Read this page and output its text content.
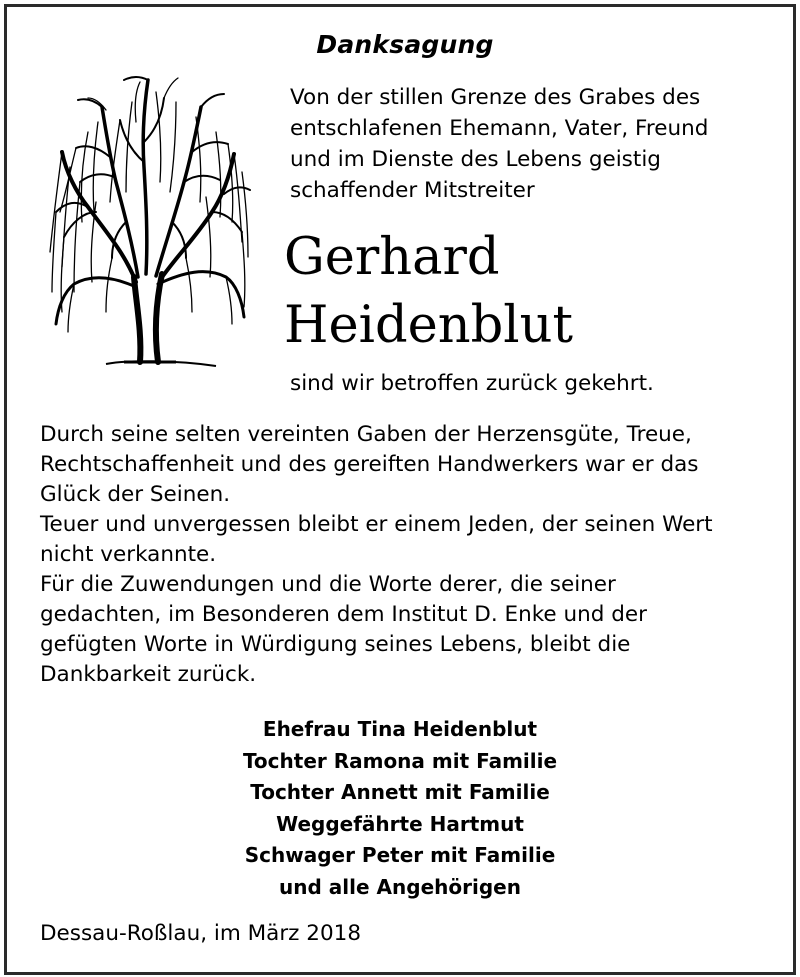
Danksagung
Von der stillen Grenze des Grabes des
entschlafenen Ehemann, Vater, Freund
und im Dienste des Lebens geistig
schaffender Mitstreiter
Gerhard
Heidenblut
sind wir betroffen zurück gekehrt.
Durch seine selten vereinten Gaben der Herzensgüte, Treue,
Rechtschaffenheit und des gereiften Handwerkers war er das
Glück der Seinen.
Teuer und unvergessen bleibt er einem Jeden, der seinen Wert
nicht verkannte.
Für die Zuwendungen und die Worte derer, die seiner
gedachten, im Besonderen dem Institut D. Enke und der
gefügten Worte in Würdigung seines Lebens, bleibt die
Dankbarkeit zurück.
Ehefrau Tina Heidenblut
Tochter Ramona mit Familie
Tochter Annett mit Familie
Weggefährte Hartmut
Schwager Peter mit Familie
und alle Angehörigen
Dessau-Roßlau, im März 2018
